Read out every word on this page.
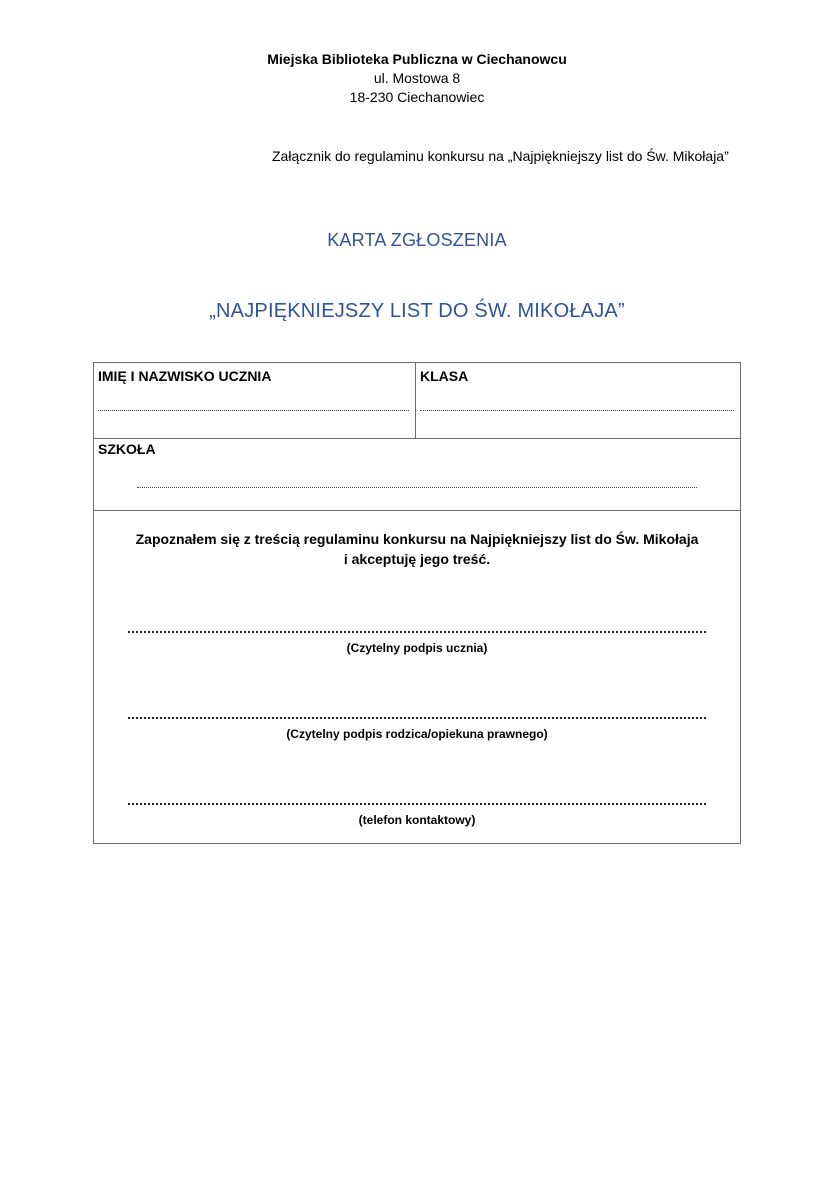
Miejska Biblioteka Publiczna w Ciechanowcu
ul. Mostowa 8
18-230 Ciechanowiec
Załącznik do regulaminu konkursu na „Najpiękniejszy list do Św. Mikołaja”
KARTA ZGŁOSZENIA
„NAJPIĘKNIEJSZY LIST DO ŚW. MIKOŁAJA”
IMIĘ I NAZWISKO UCZNIA	KLASA
SZKOŁA
Zapoznałem się z treścią regulaminu konkursu na Najpiękniejszy list do Św. Mikołaja
i akceptuję jego treść.
(Czytelny podpis ucznia)
(Czytelny podpis rodzica/opiekuna prawnego)
(telefon kontaktowy)
